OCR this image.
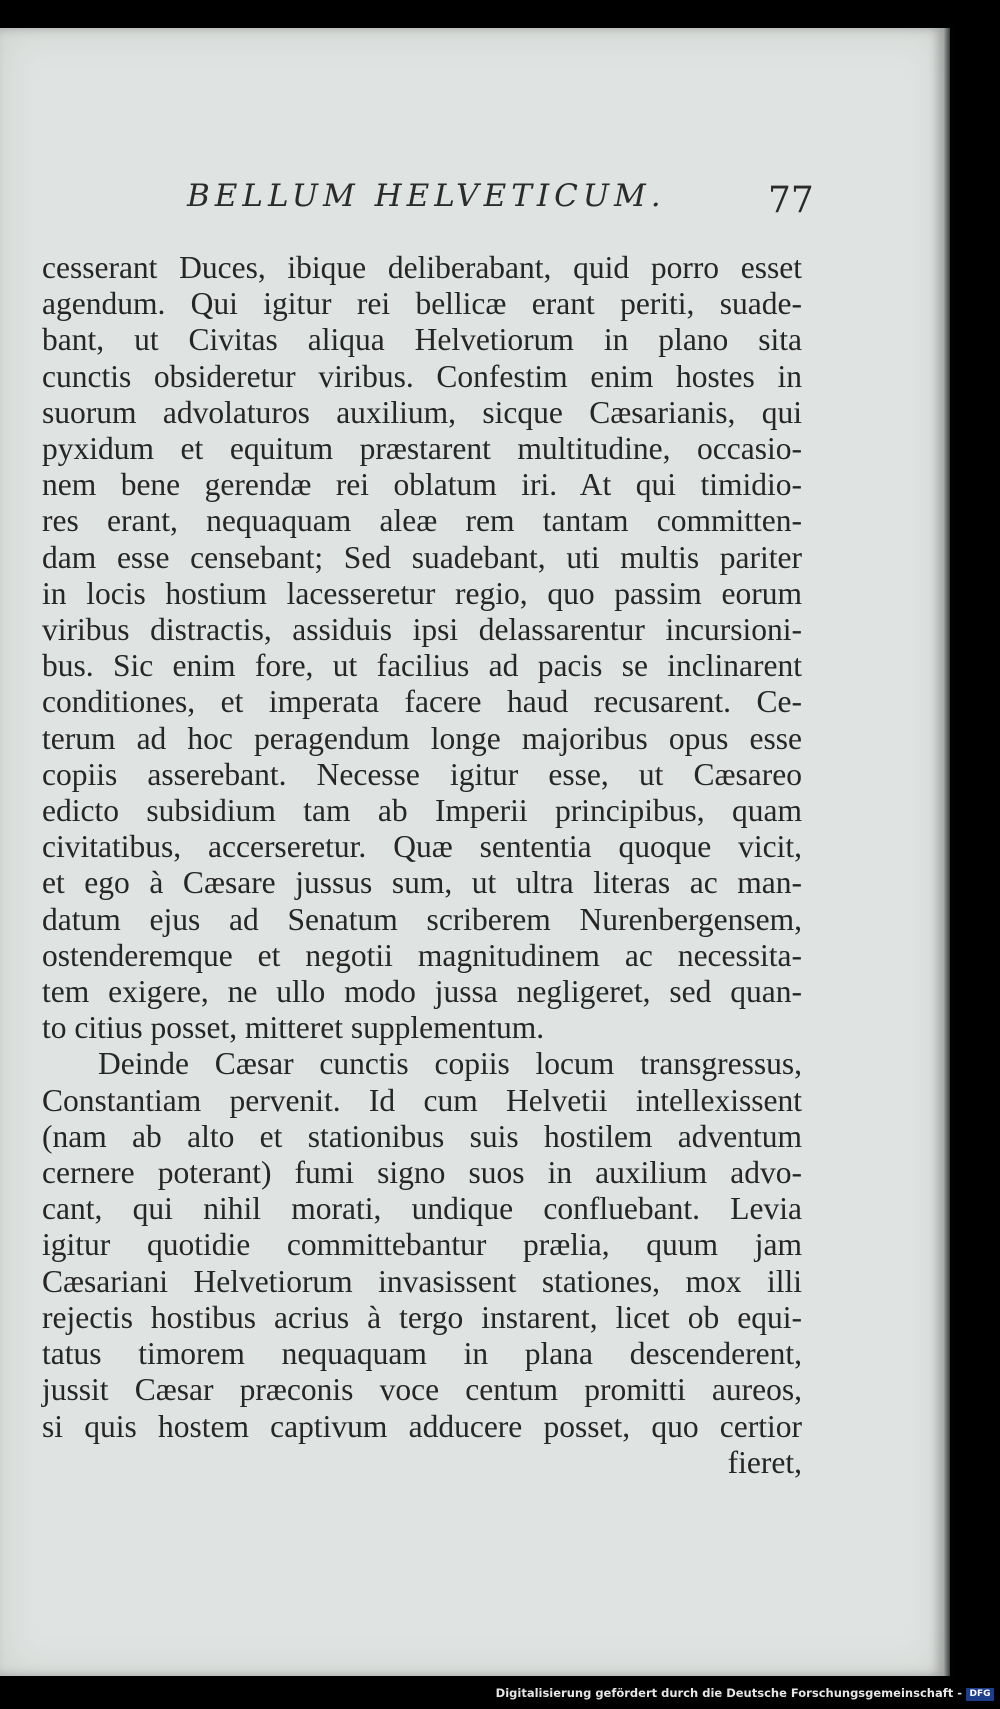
BELLUM HELVETICUM.	77
cesserant Duces, ibique deliberabant, quid porro esset
agendum. Qui igitur rei bellicæ erant periti, suade-
bant, ut Civitas aliqua Helvetiorum in plano sita
cunctis obsideretur viribus. Confestim enim hostes in
suorum advolaturos auxilium, sicque Cæsarianis, qui
pyxidum et equitum præstarent multitudine, occasio-
nem bene gerendæ rei oblatum iri. At qui timidio-
res erant, nequaquam aleæ rem tantam committen-
dam esse censebant; Sed suadebant, uti multis pariter
in locis hostium lacesseretur regio, quo passim eorum
viribus distractis, assiduis ipsi delassarentur incursioni-
bus. Sic enim fore, ut facilius ad pacis se inclinarent
conditiones, et imperata facere haud recusarent. Ce-
terum ad hoc peragendum longe majoribus opus esse
copiis asserebant. Necesse igitur esse, ut Cæsareo
edicto subsidium tam ab Imperii principibus, quam
civitatibus, accerseretur. Quæ sententia quoque vicit,
et ego à Cæsare jussus sum, ut ultra literas ac man-
datum ejus ad Senatum scriberem Nurenbergensem,
ostenderemque et negotii magnitudinem ac necessita-
tem exigere, ne ullo modo jussa negligeret, sed quan-
to citius posset, mitteret supplementum.
Deinde Cæsar cunctis copiis locum transgressus,
Constantiam pervenit. Id cum Helvetii intellexissent
(nam ab alto et stationibus suis hostilem adventum
cernere poterant) fumi signo suos in auxilium advo-
cant, qui nihil morati, undique confluebant. Levia
igitur quotidie committebantur prælia, quum jam
Cæsariani Helvetiorum invasissent stationes, mox illi
rejectis hostibus acrius à tergo instarent, licet ob equi-
tatus timorem nequaquam in plana descenderent,
jussit Cæsar præconis voce centum promitti aureos,
si quis hostem captivum adducere posset, quo certior
fieret,
Digitalisierung gefördert durch die Deutsche Forschungsgemeinschaft - DFG
